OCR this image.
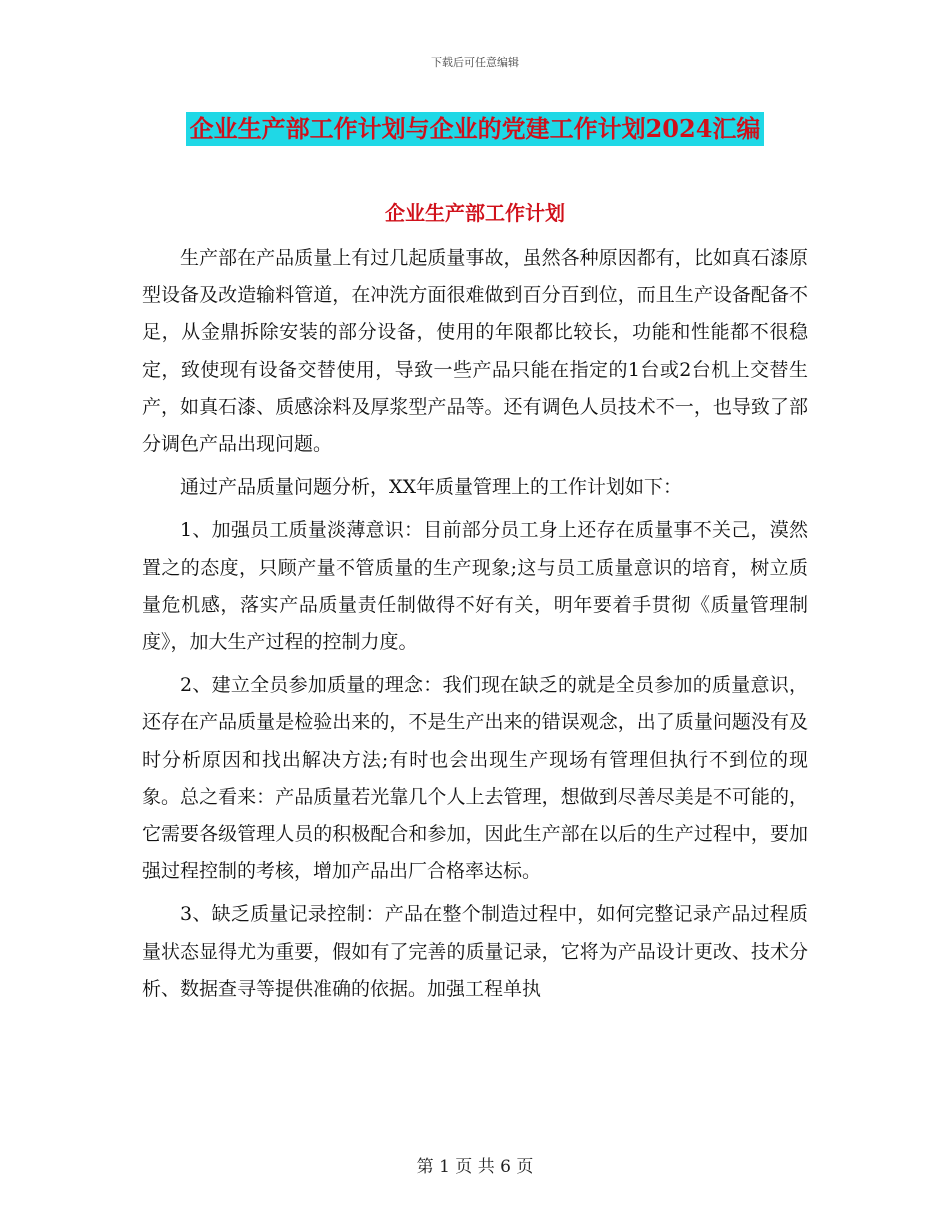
下载后可任意编辑
企业生产部工作计划与企业的党建工作计划2024汇编
企业生产部工作计划

生产部在产品质量上有过几起质量事故，虽然各种原因都有，比如真石漆原型设备及改造输料管道，在冲洗方面很难做到百分百到位，而且生产设备配备不足，从金鼎拆除安装的部分设备，使用的年限都比较长，功能和性能都不很稳定，致使现有设备交替使用，导致一些产品只能在指定的1台或2台机上交替生产，如真石漆、质感涂料及厚浆型产品等。还有调色人员技术不一，也导致了部分调色产品出现问题。

通过产品质量问题分析，XX年质量管理上的工作计划如下：

1、加强员工质量淡薄意识：目前部分员工身上还存在质量事不关己，漠然置之的态度，只顾产量不管质量的生产现象;这与员工质量意识的培育，树立质量危机感，落实产品质量责任制做得不好有关，明年要着手贯彻《质量管理制度》，加大生产过程的控制力度。

2、建立全员参加质量的理念：我们现在缺乏的就是全员参加的质量意识，还存在产品质量是检验出来的，不是生产出来的错误观念，出了质量问题没有及时分析原因和找出解决方法;有时也会出现生产现场有管理但执行不到位的现象。总之看来：产品质量若光靠几个人上去管理，想做到尽善尽美是不可能的，它需要各级管理人员的积极配合和参加，因此生产部在以后的生产过程中，要加强过程控制的考核，增加产品出厂合格率达标。

3、缺乏质量记录控制：产品在整个制造过程中，如何完整记录产品过程质量状态显得尤为重要，假如有了完善的质量记录，它将为产品设计更改、技术分析、数据查寻等提供准确的依据。加强工程单执

第 1 页 共 6 页
